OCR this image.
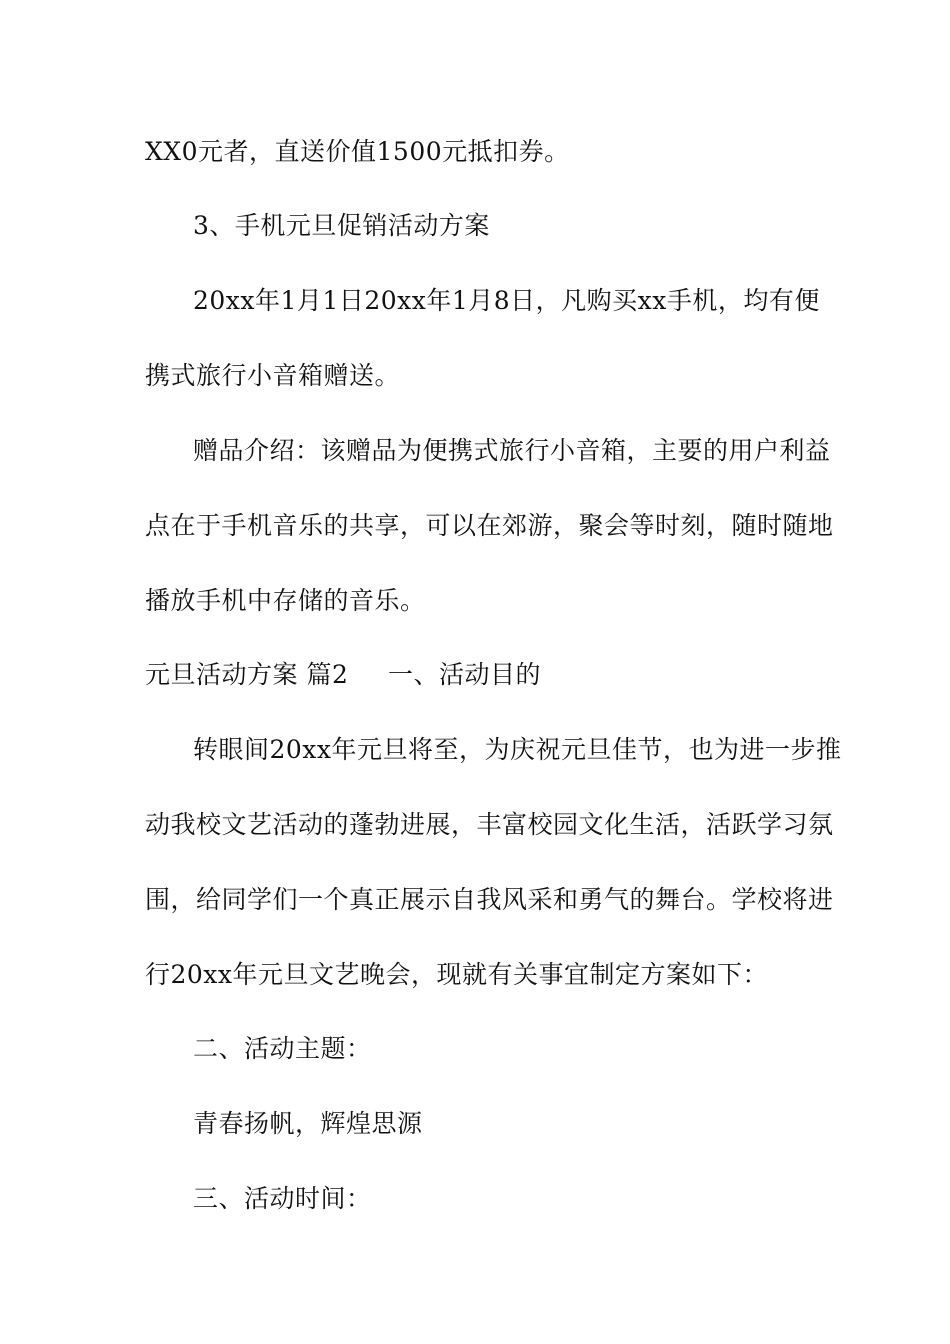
XX0元者，直送价值1500元抵扣券。
3、手机元旦促销活动方案
20xx年1月1日20xx年1月8日，凡购买xx手机，均有便
携式旅行小音箱赠送。
赠品介绍：该赠品为便携式旅行小音箱，主要的用户利益
点在于手机音乐的共享，可以在郊游，聚会等时刻，随时随地
播放手机中存储的音乐。
元旦活动方案 篇2 一、活动目的
转眼间20xx年元旦将至，为庆祝元旦佳节，也为进一步推
动我校文艺活动的蓬勃进展，丰富校园文化生活，活跃学习氛
围，给同学们一个真正展示自我风采和勇气的舞台。学校将进
行20xx年元旦文艺晚会，现就有关事宜制定方案如下：
二、活动主题：
青春扬帆，辉煌思源
三、活动时间：
